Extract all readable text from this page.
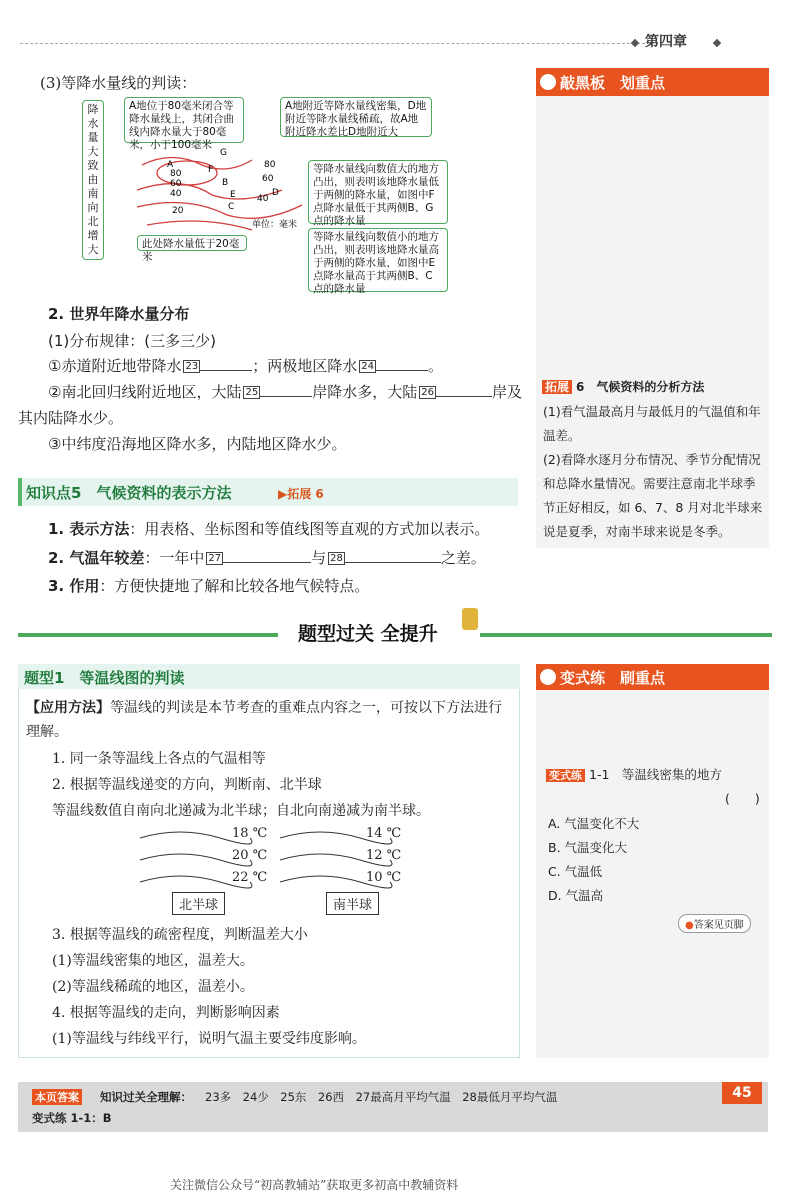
第四章
(3)等降水量线的判读：
降
水
量
大
致
由
南
向
北
增
大
A地位于80毫米闭合等降水量线上，其闭合曲线内降水量大于80毫米，小于100毫米
A地附近等降水量线密集，D地附近等降水量线稀疏，故A地附近降水差比D地附近大
等降水量线向数值大的地方凸出，则表明该地降水量低于两侧的降水量，如图中F点降水量低于其两侧B、G点的降水量
等降水量线向数值小的地方凸出，则表明该地降水量高于两侧的降水量，如图中E点降水量高于其两侧B、C点的降水量
此处降水量低于20毫米
A
G
F
B
E
C
D
80
60
40
20
80
60
40
单位：毫米
2. 世界年降水量分布
(1)分布规律：(三多三少)
①赤道附近地带降水 23	；两极地区降水 24	。
②南北回归线附近地区，大陆 25	岸降水多，大陆 26	岸及
其内陆降水少。
③中纬度沿海地区降水多，内陆地区降水少。
知识点5　气候资料的表示方法	▶拓展 6
1. 表示方法：用表格、坐标图和等值线图等直观的方式加以表示。
2. 气温年较差：一年中 27	与 28	之差。
3. 作用：方便快捷地了解和比较各地气候特点。
敲黑板　划重点
拓展 6　气候资料的分析方法
(1)看气温最高月与最低月的气温值和年温差。
(2)看降水逐月分布情况、季节分配情况和总降水量情况。需要注意南北半球季节正好相反，如 6、7、8 月对北半球来说是夏季，对南半球来说是冬季。
题型过关 全提升
题型1　等温线图的判读
【应用方法】等温线的判读是本节考查的重难点内容之一，可按以下方法进行理解。
1. 同一条等温线上各点的气温相等
2. 根据等温线递变的方向，判断南、北半球
等温线数值自南向北递减为北半球；自北向南递减为南半球。
18 ℃
20 ℃
22 ℃
14 ℃
12 ℃
10 ℃
北半球	南半球
3. 根据等温线的疏密程度，判断温差大小
(1)等温线密集的地区，温差大。
(2)等温线稀疏的地区，温差小。
4. 根据等温线的走向，判断影响因素
(1)等温线与纬线平行，说明气温主要受纬度影响。
变式练　刷重点
变式练 1-1　等温线密集的地方
(　　)
A. 气温变化不大
B. 气温变化大
C. 气温低
D. 气温高
●答案见页脚
本页答案 知识过关全理解： 23多　 24少　 25东　 26西　 27最高月平均气温　 28最低月平均气温
变式练 1-1：B
45
关注微信公众号“初高教辅站”获取更多初高中教辅资料
